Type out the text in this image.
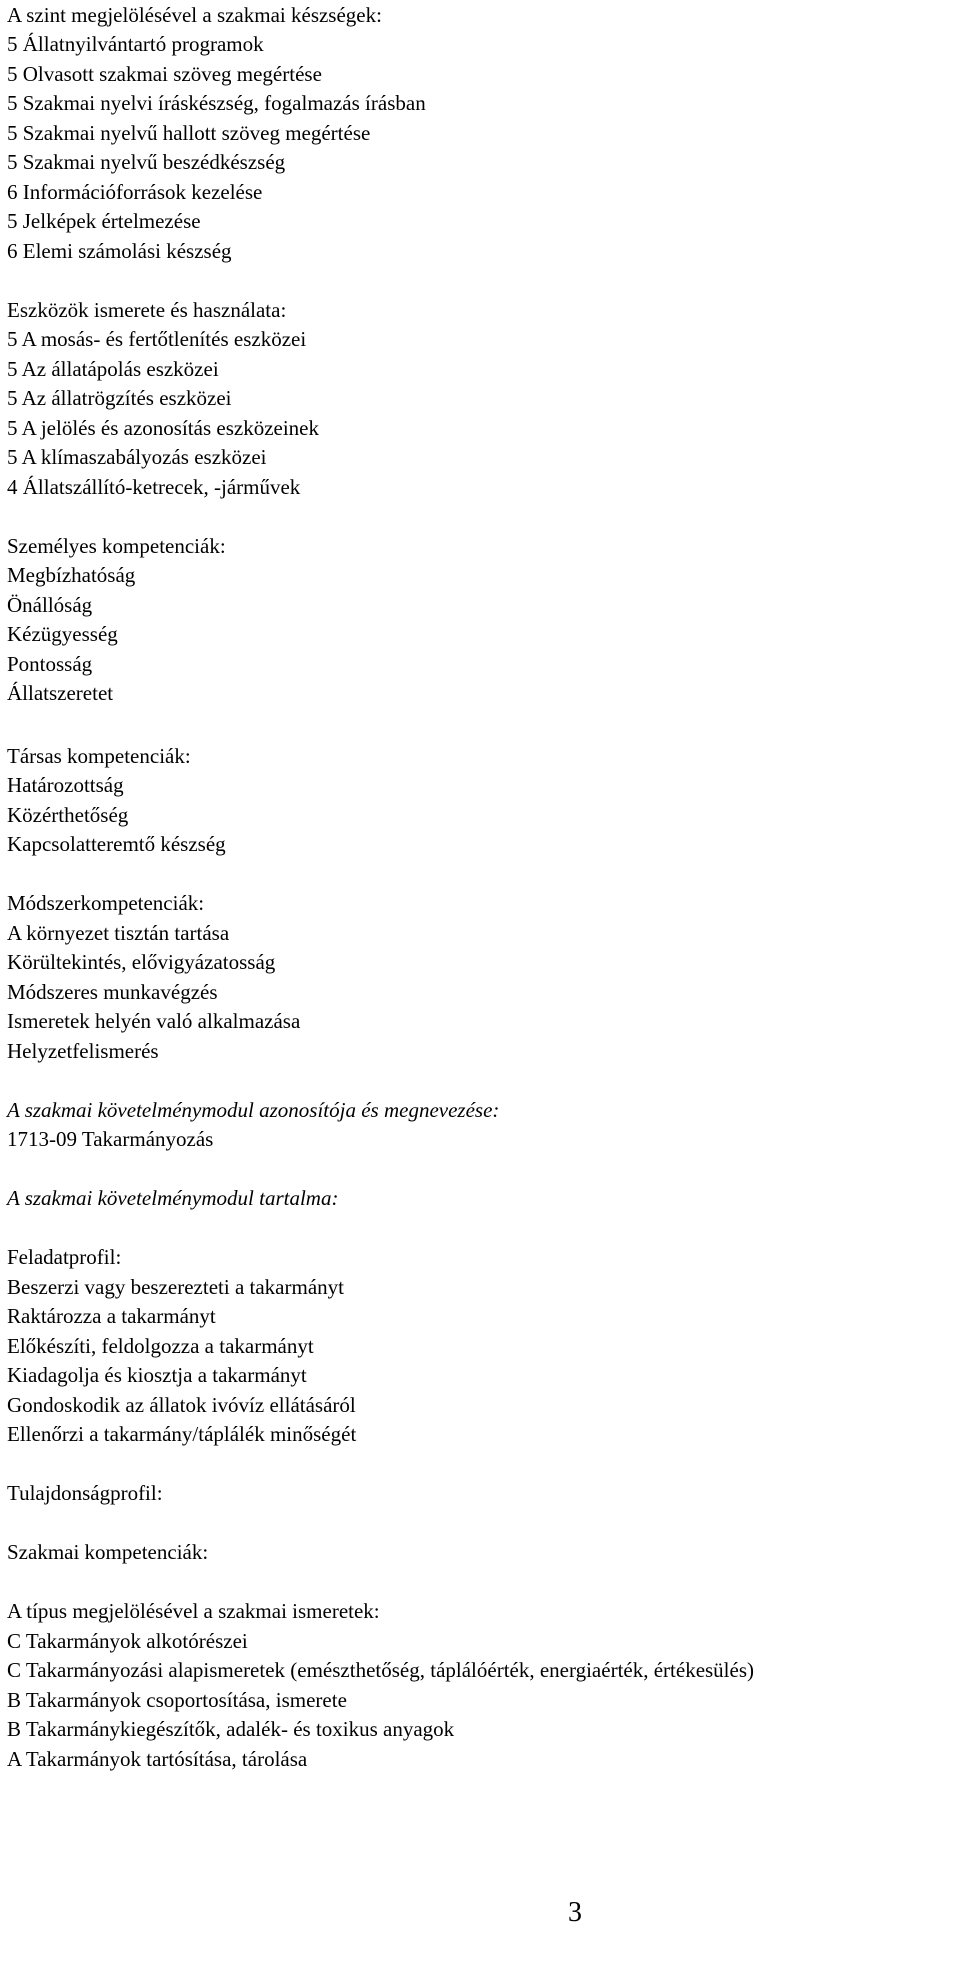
A szint megjelölésével a szakmai készségek:
5 Állatnyilvántartó programok
5 Olvasott szakmai szöveg megértése
5 Szakmai nyelvi íráskészség, fogalmazás írásban
5 Szakmai nyelvű hallott szöveg megértése
5 Szakmai nyelvű beszédkészség
6 Információforrások kezelése
5 Jelképek értelmezése
6 Elemi számolási készség
Eszközök ismerete és használata:
5 A mosás- és fertőtlenítés eszközei
5 Az állatápolás eszközei
5 Az állatrögzítés eszközei
5 A jelölés és azonosítás eszközeinek
5 A klímaszabályozás eszközei
4 Állatszállító-ketrecek, -járművek
Személyes kompetenciák:
Megbízhatóság
Önállóság
Kézügyesség
Pontosság
Állatszeretet
Társas kompetenciák:
Határozottság
Közérthetőség
Kapcsolatteremtő készség
Módszerkompetenciák:
A környezet tisztán tartása
Körültekintés, elővigyázatosság
Módszeres munkavégzés
Ismeretek helyén való alkalmazása
Helyzetfelismerés
A szakmai követelménymodul azonosítója és megnevezése:
1713-09 Takarmányozás
A szakmai követelménymodul tartalma:
Feladatprofil:
Beszerzi vagy beszerezteti a takarmányt
Raktározza a takarmányt
Előkészíti, feldolgozza a takarmányt
Kiadagolja és kiosztja a takarmányt
Gondoskodik az állatok ivóvíz ellátásáról
Ellenőrzi a takarmány/táplálék minőségét
Tulajdonságprofil:
Szakmai kompetenciák:
A típus megjelölésével a szakmai ismeretek:
C Takarmányok alkotórészei
C Takarmányozási alapismeretek (emészthetőség, táplálóérték, energiaérték, értékesülés)
B Takarmányok csoportosítása, ismerete
B Takarmánykiegészítők, adalék- és toxikus anyagok
A Takarmányok tartósítása, tárolása
3
